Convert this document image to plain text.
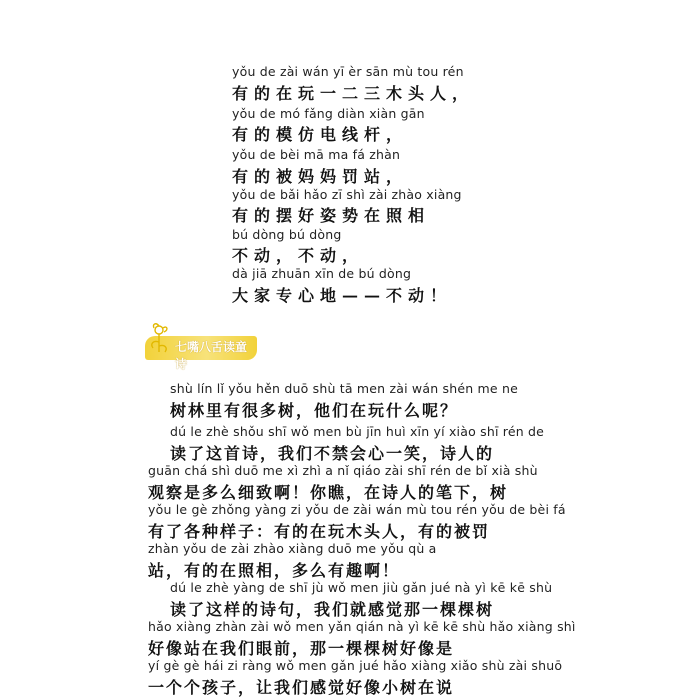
yǒu de zài wán yī èr sān mù tou rén
有的在玩一二三木头人，
yǒu de mó fǎng diàn xiàn gān
有的模仿电线杆，
yǒu de bèi mā ma fá zhàn
有的被妈妈罚站，
yǒu de bǎi hǎo zī shì zài zhào xiàng
有的摆好姿势在照相
bú dòng bú dòng
不动，不动，
dà jiā zhuān xīn de bú dòng
大家专心地——不动！
七嘴八舌读童诗
shù lín lǐ yǒu hěn duō shù tā men zài wán shén me ne
树林里有很多树，他们在玩什么呢？
dú le zhè shǒu shī wǒ men bù jīn huì xīn yí xiào shī rén de
读了这首诗，我们不禁会心一笑，诗人的
guān chá shì duō me xì zhì a nǐ qiáo zài shī rén de bǐ xià shù
观察是多么细致啊！你瞧，在诗人的笔下，树
yǒu le gè zhǒng yàng zi yǒu de zài wán mù tou rén yǒu de bèi fá
有了各种样子：有的在玩木头人，有的被罚
zhàn yǒu de zài zhào xiàng duō me yǒu qù a
站，有的在照相，多么有趣啊！
dú le zhè yàng de shī jù wǒ men jiù gǎn jué nà yì kē kē shù
读了这样的诗句，我们就感觉那一棵棵树
hǎo xiàng zhàn zài wǒ men yǎn qián nà yì kē kē shù hǎo xiàng shì
好像站在我们眼前，那一棵棵树好像是
yí gè gè hái zi ràng wǒ men gǎn jué hǎo xiàng xiǎo shù zài shuō
一个个孩子，让我们感觉好像小树在说
